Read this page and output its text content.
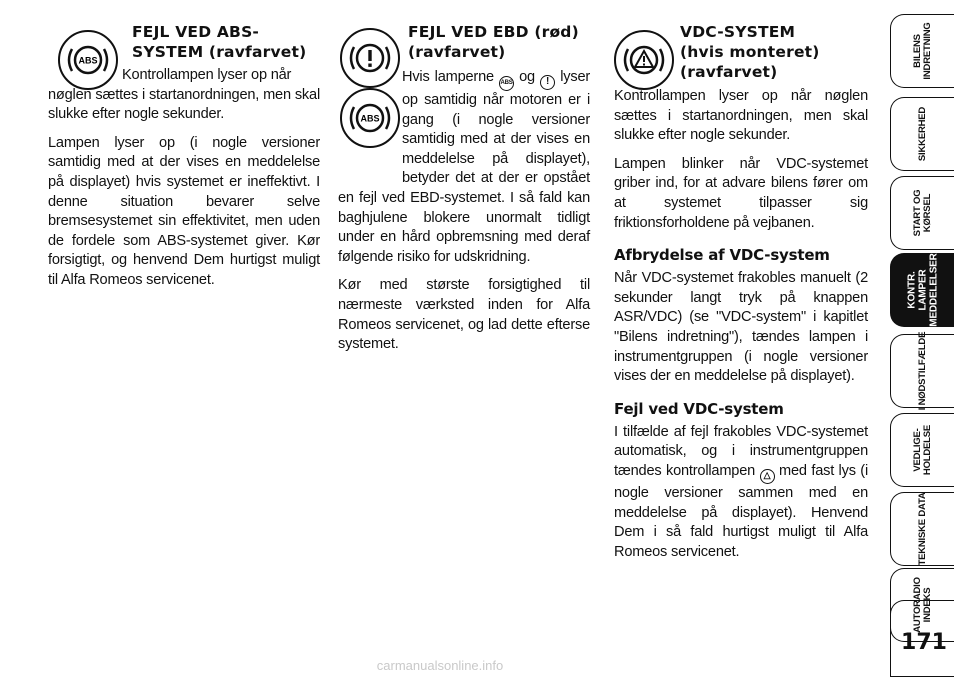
ABS
FEJL VED ABS-
SYSTEM (ravfarvet)

Kontrollampen lyser op når
nøglen sættes i startanordningen, men skal slukke efter nogle sekunder.

Lampen lyser op (i nogle versioner samtidig med at der vises en meddelelse på displayet) hvis systemet er ineffektivt. I denne situation bevarer selve bremsesystemet sin effektivitet, men uden de fordele som ABS-systemet giver. Kør forsigtigt, og henvend Dem hurtigst muligt til Alfa Romeos servicenet.

ABS
FEJL VED EBD (rød)
(ravfarvet)

Hvis lamperne ABS og ! lyser op samtidig når motoren er i gang (i nogle versioner samtidig med at der vises en meddelelse på displayet), betyder det at der er opstået en fejl ved EBD-systemet. I så fald kan baghjulene blokere unormalt tidligt under en hård opbremsning med deraf følgende risiko for udskridning.

Kør med største forsigtighed til nærmeste værksted inden for Alfa Romeos servicenet, og lad dette efterse systemet.

VDC-SYSTEM
(hvis monteret)
(ravfarvet)

Kontrollampen lyser op når nøglen sættes i startanordningen, men skal slukke efter nogle sekunder.

Lampen blinker når VDC-systemet griber ind, for at advare bilens fører om at systemet tilpasser sig friktionsforholdene på vejbanen.

Afbrydelse af VDC-system

Når VDC-systemet frakobles manuelt (2 sekunder langt tryk på knappen ASR/VDC) (se "VDC-system" i kapitlet "Bilens indretning"), tændes lampen i instrumentgruppen (i nogle versioner vises der en meddelelse på displayet).

Fejl ved VDC-system

I tilfælde af fejl frakobles VDC-systemet automatisk, og i instrumentgruppen tændes kontrollampen △ med fast lys (i nogle versioner sammen med en meddelelse på displayet). Henvend Dem i så fald hurtigst muligt til Alfa Romeos servicenet.

BILENS
INDRETNING
SIKKERHED
START OG
KØRSEL
KONTR.
LAMPER
MEDDELELSER
I NØDSTILFÆLDE
VEDLIGE-
HOLDELSE
TEKNISKE DATA
AUTORADIO
INDEKS
171
carmanualsonline.info
